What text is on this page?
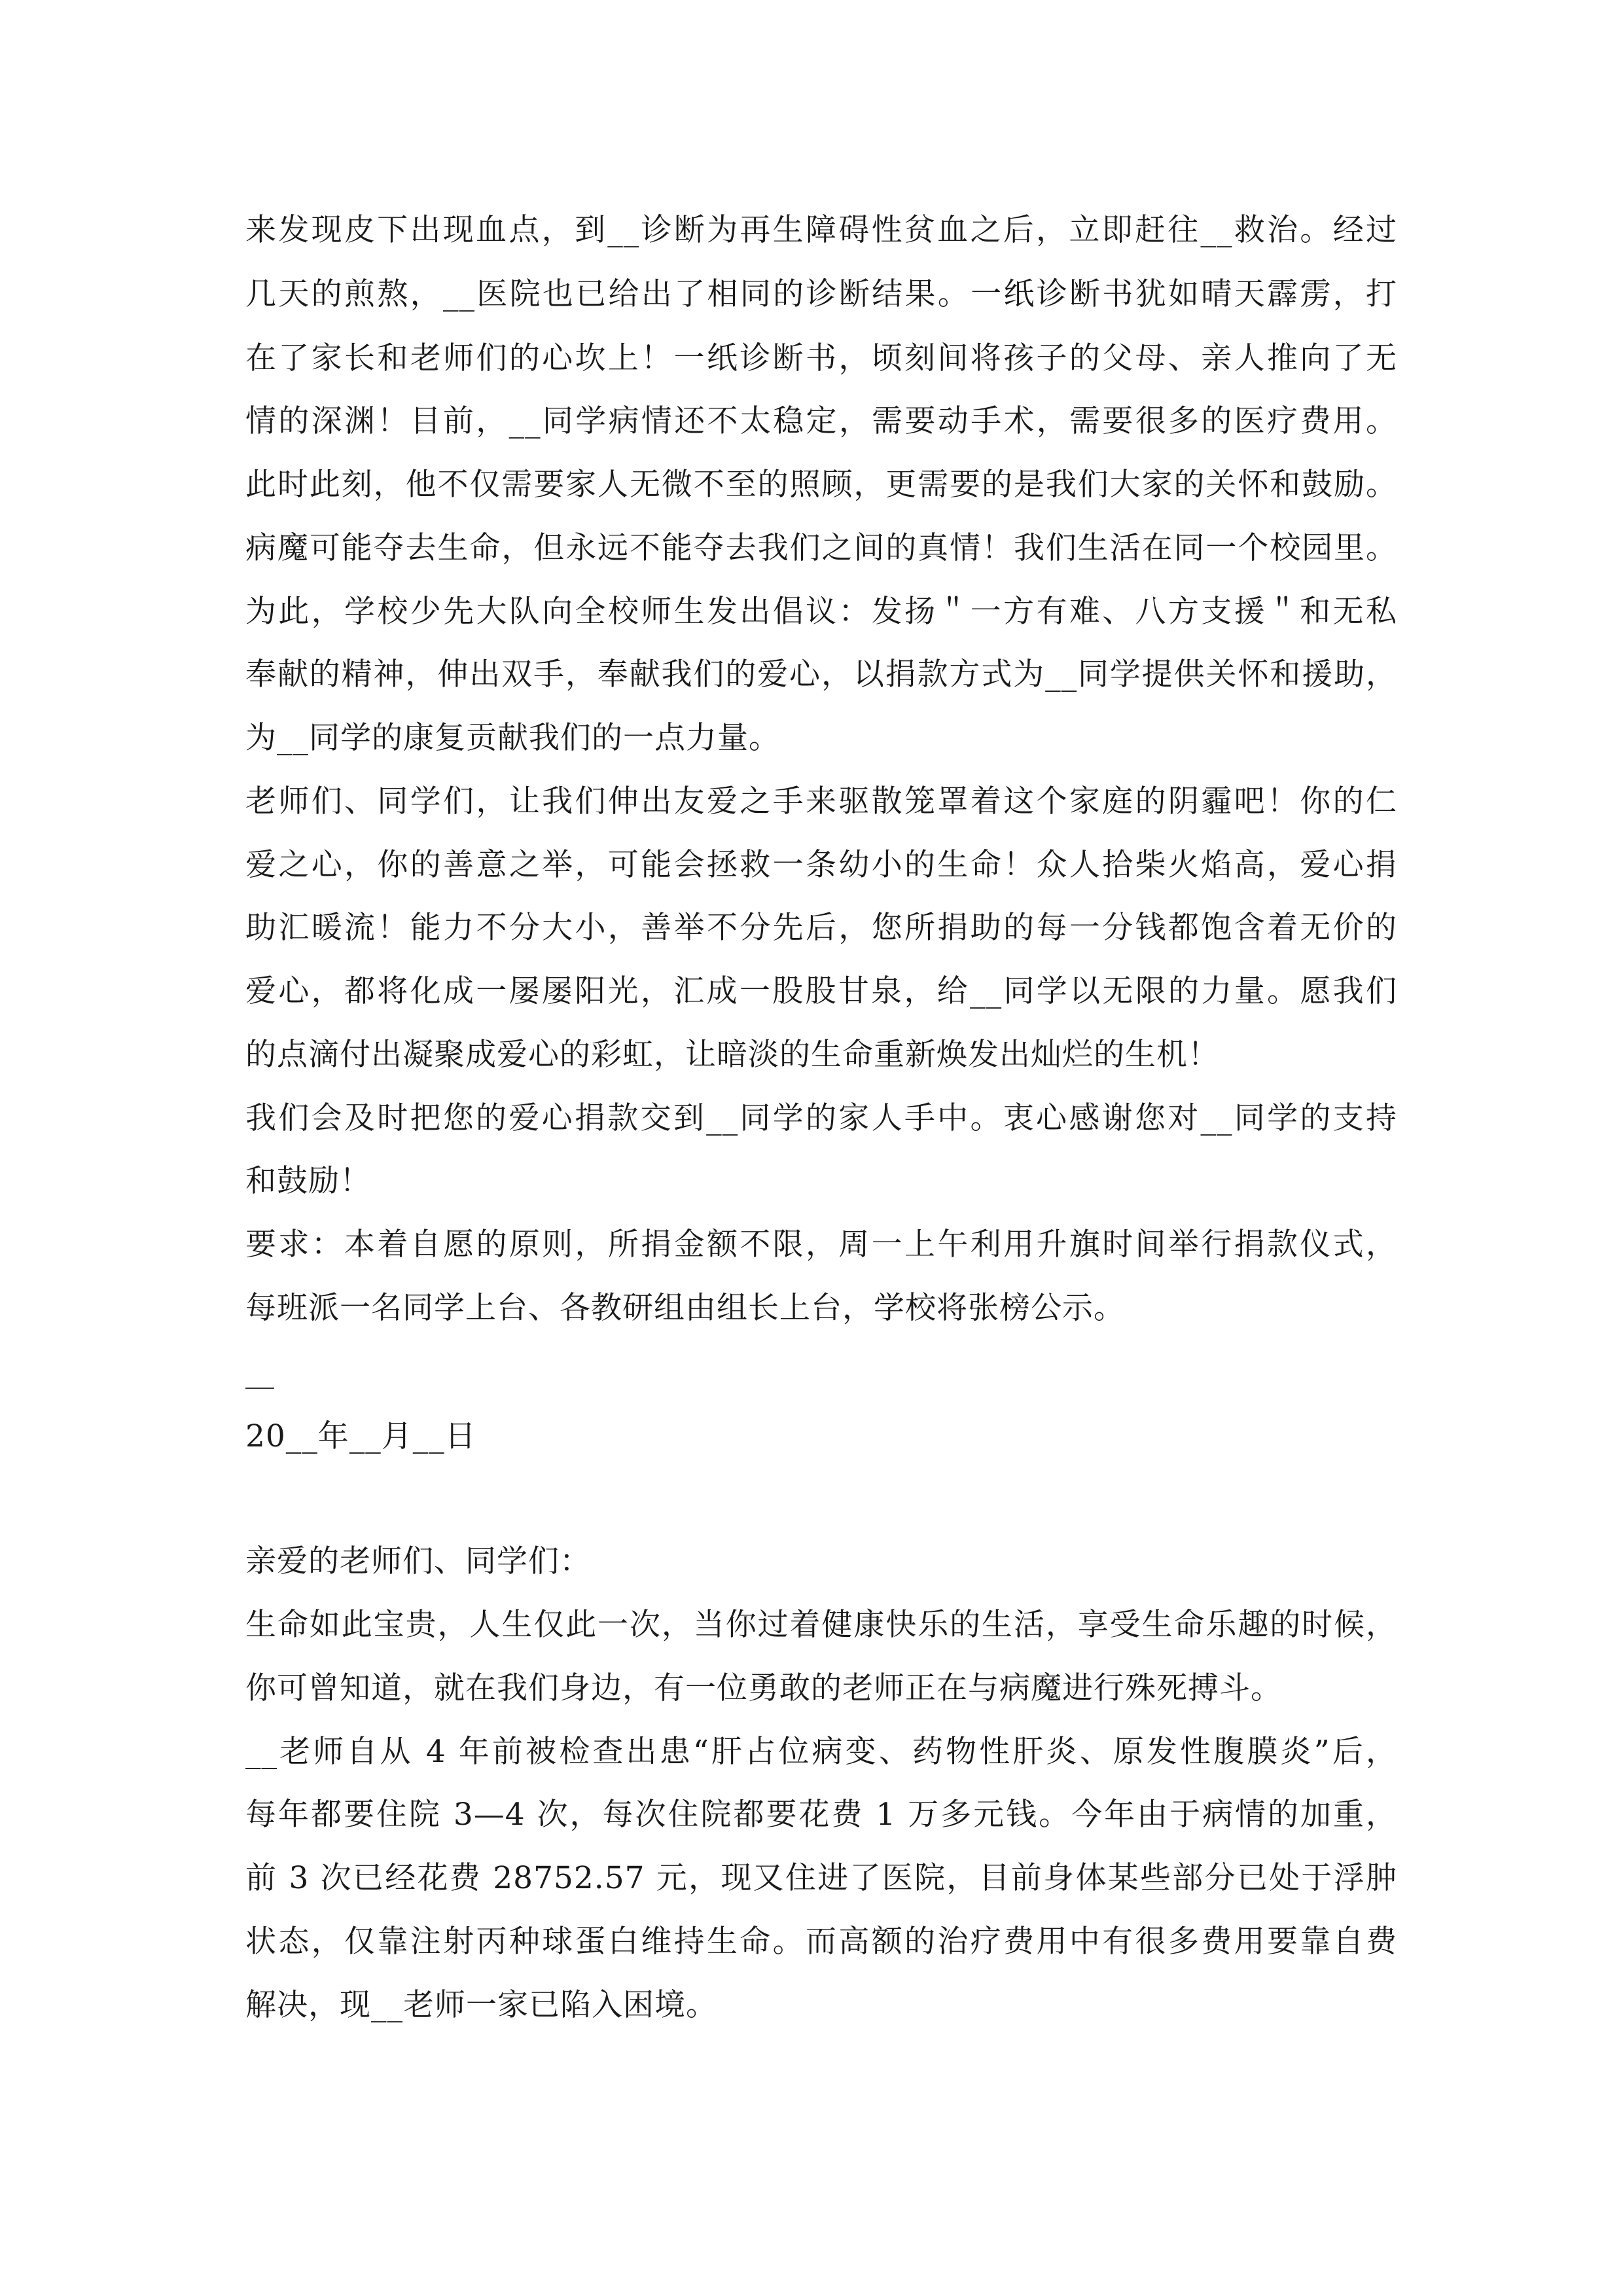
来发现皮下出现血点，到__诊断为再生障碍性贫血之后，立即赶往__救治。经过
几天的煎熬，__医院也已给出了相同的诊断结果。一纸诊断书犹如晴天霹雳，打
在了家长和老师们的心坎上！一纸诊断书，顷刻间将孩子的父母、亲人推向了无
情的深渊！目前，__同学病情还不太稳定，需要动手术，需要很多的医疗费用。
此时此刻，他不仅需要家人无微不至的照顾，更需要的是我们大家的关怀和鼓励。
病魔可能夺去生命，但永远不能夺去我们之间的真情！我们生活在同一个校园里。
为此，学校少先大队向全校师生发出倡议：发扬＂一方有难、八方支援＂和无私
奉献的精神，伸出双手，奉献我们的爱心，以捐款方式为__同学提供关怀和援助，
为__同学的康复贡献我们的一点力量。
老师们、同学们，让我们伸出友爱之手来驱散笼罩着这个家庭的阴霾吧！你的仁
爱之心，你的善意之举，可能会拯救一条幼小的生命！众人拾柴火焰高，爱心捐
助汇暖流！能力不分大小，善举不分先后，您所捐助的每一分钱都饱含着无价的
爱心，都将化成一屡屡阳光，汇成一股股甘泉，给__同学以无限的力量。愿我们
的点滴付出凝聚成爱心的彩虹，让暗淡的生命重新焕发出灿烂的生机！
我们会及时把您的爱心捐款交到__同学的家人手中。衷心感谢您对__同学的支持
和鼓励！
要求：本着自愿的原则，所捐金额不限，周一上午利用升旗时间举行捐款仪式，
每班派一名同学上台、各教研组由组长上台，学校将张榜公示。
20__年__月__日
亲爱的老师们、同学们：
生命如此宝贵，人生仅此一次，当你过着健康快乐的生活，享受生命乐趣的时候，
你可曾知道，就在我们身边，有一位勇敢的老师正在与病魔进行殊死搏斗。
__老师自从 4 年前被检查出患“肝占位病变、药物性肝炎、原发性腹膜炎”后，
每年都要住院 3—4 次，每次住院都要花费 1 万多元钱。今年由于病情的加重，
前 3 次已经花费 28752.57 元，现又住进了医院，目前身体某些部分已处于浮肿
状态，仅靠注射丙种球蛋白维持生命。而高额的治疗费用中有很多费用要靠自费
解决，现__老师一家已陷入困境。
